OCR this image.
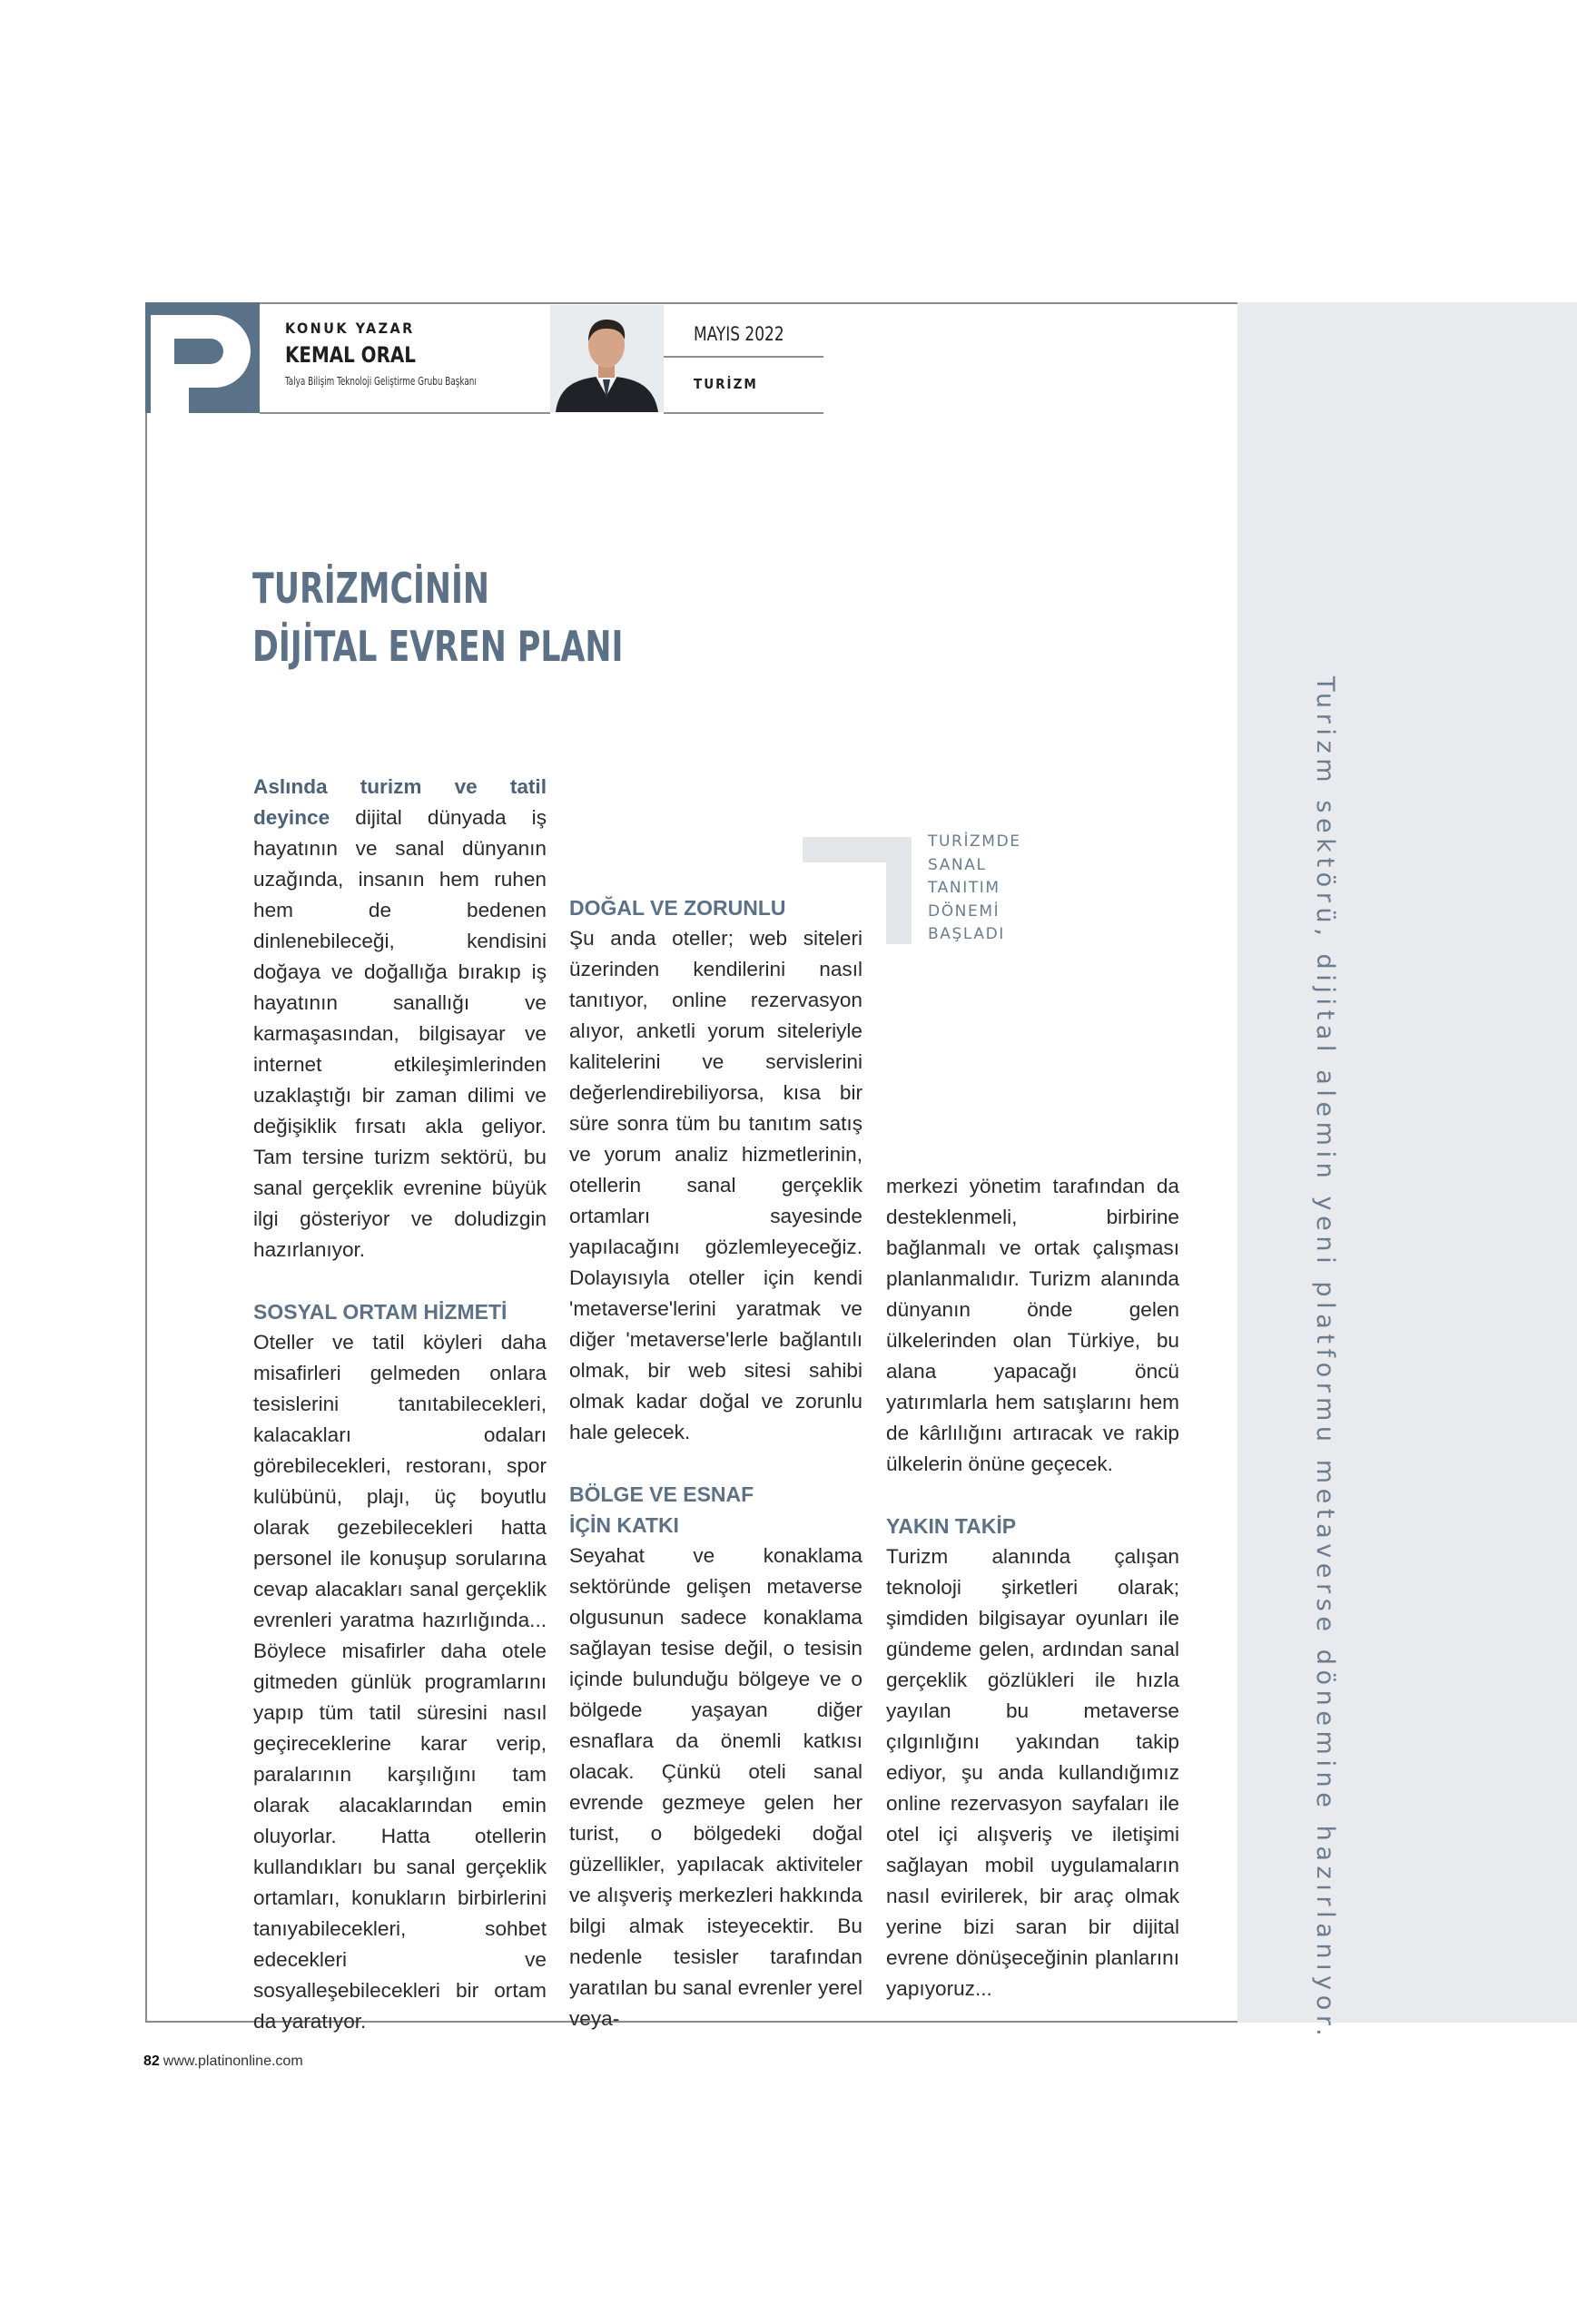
KONUK YAZAR
KEMAL ORAL
Talya Bilişim Teknoloji Geliştirme Grubu Başkanı
MAYIS 2022
TURİZM
TURİZMCİNİN
DİJİTAL EVREN PLANI

Aslında turizm ve tatil deyince dijital dünyada iş hayatının ve sanal dünyanın uzağında, insanın hem ruhen hem de bedenen dinlenebileceği, kendisini doğaya ve doğallığa bırakıp iş hayatının sanallığı ve karmaşasından, bilgisayar ve internet etkileşimlerinden uzaklaştığı bir zaman dilimi ve değişiklik fırsatı akla geliyor. Tam tersine turizm sektörü, bu sanal gerçeklik evrenine büyük ilgi gösteriyor ve doludizgin hazırlanıyor.

SOSYAL ORTAM HİZMETİ

Oteller ve tatil köyleri daha misafirleri gelmeden onlara tesislerini tanıtabilecekleri, kalacakları odaları görebilecekleri, restoranı, spor kulübünü, plajı, üç boyutlu olarak gezebilecekleri hatta personel ile konuşup sorularına cevap alacakları sanal gerçeklik evrenleri yaratma hazırlığında... Böylece misafirler daha otele gitmeden günlük programlarını yapıp tüm tatil süresini nasıl geçireceklerine karar verip, paralarının karşılığını tam olarak alacaklarından emin oluyorlar. Hatta otellerin kullandıkları bu sanal gerçeklik ortamları, konukların birbirlerini tanıyabilecekleri, sohbet edecekleri ve sosyalleşebilecekleri bir ortam da yaratıyor.

TURİZMDE
SANAL
TANITIM
DÖNEMİ
BAŞLADI
DOĞAL VE ZORUNLU

Şu anda oteller; web siteleri üzerinden kendilerini nasıl tanıtıyor, online rezervasyon alıyor, anketli yorum siteleriyle kalitelerini ve servislerini değerlendirebiliyorsa, kısa bir süre sonra tüm bu tanıtım satış ve yorum analiz hizmetlerinin, otellerin sanal gerçeklik ortamları sayesinde yapılacağını gözlemleyeceğiz. Dolayısıyla oteller için kendi 'metaverse'lerini yaratmak ve diğer 'metaverse'lerle bağlantılı olmak, bir web sitesi sahibi olmak kadar doğal ve zorunlu hale gelecek.

BÖLGE VE ESNAF
İÇİN KATKI

Seyahat ve konaklama sektöründe gelişen metaverse olgusunun sadece konaklama sağlayan tesise değil, o tesisin içinde bulunduğu bölgeye ve o bölgede yaşayan diğer esnaflara da önemli katkısı olacak. Çünkü oteli sanal evrende gezmeye gelen her turist, o bölgedeki doğal güzellikler, yapılacak aktiviteler ve alışveriş merkezleri hakkında bilgi almak isteyecektir. Bu nedenle tesisler tarafından yaratılan bu sanal evrenler yerel veya-

merkezi yönetim tarafından da desteklenmeli, birbirine bağlanmalı ve ortak çalışması planlanmalıdır. Turizm alanında dünyanın önde gelen ülkelerinden olan Türkiye, bu alana yapacağı öncü yatırımlarla hem satışlarını hem de kârlılığını artıracak ve rakip ülkelerin önüne geçecek.

YAKIN TAKİP

Turizm alanında çalışan teknoloji şirketleri olarak; şimdiden bilgisayar oyunları ile gündeme gelen, ardından sanal gerçeklik gözlükleri ile hızla yayılan bu metaverse çılgınlığını yakından takip ediyor, şu anda kullandığımız online rezervasyon sayfaları ile otel içi alışveriş ve iletişimi sağlayan mobil uygulamaların nasıl evirilerek, bir araç olmak yerine bizi saran bir dijital evrene dönüşeceğinin planlarını yapıyoruz...	Turizm sektörü, dijital alemin yeni platformu metaverse dönemine hazırlanıyor.
82 www.platinonline.com
